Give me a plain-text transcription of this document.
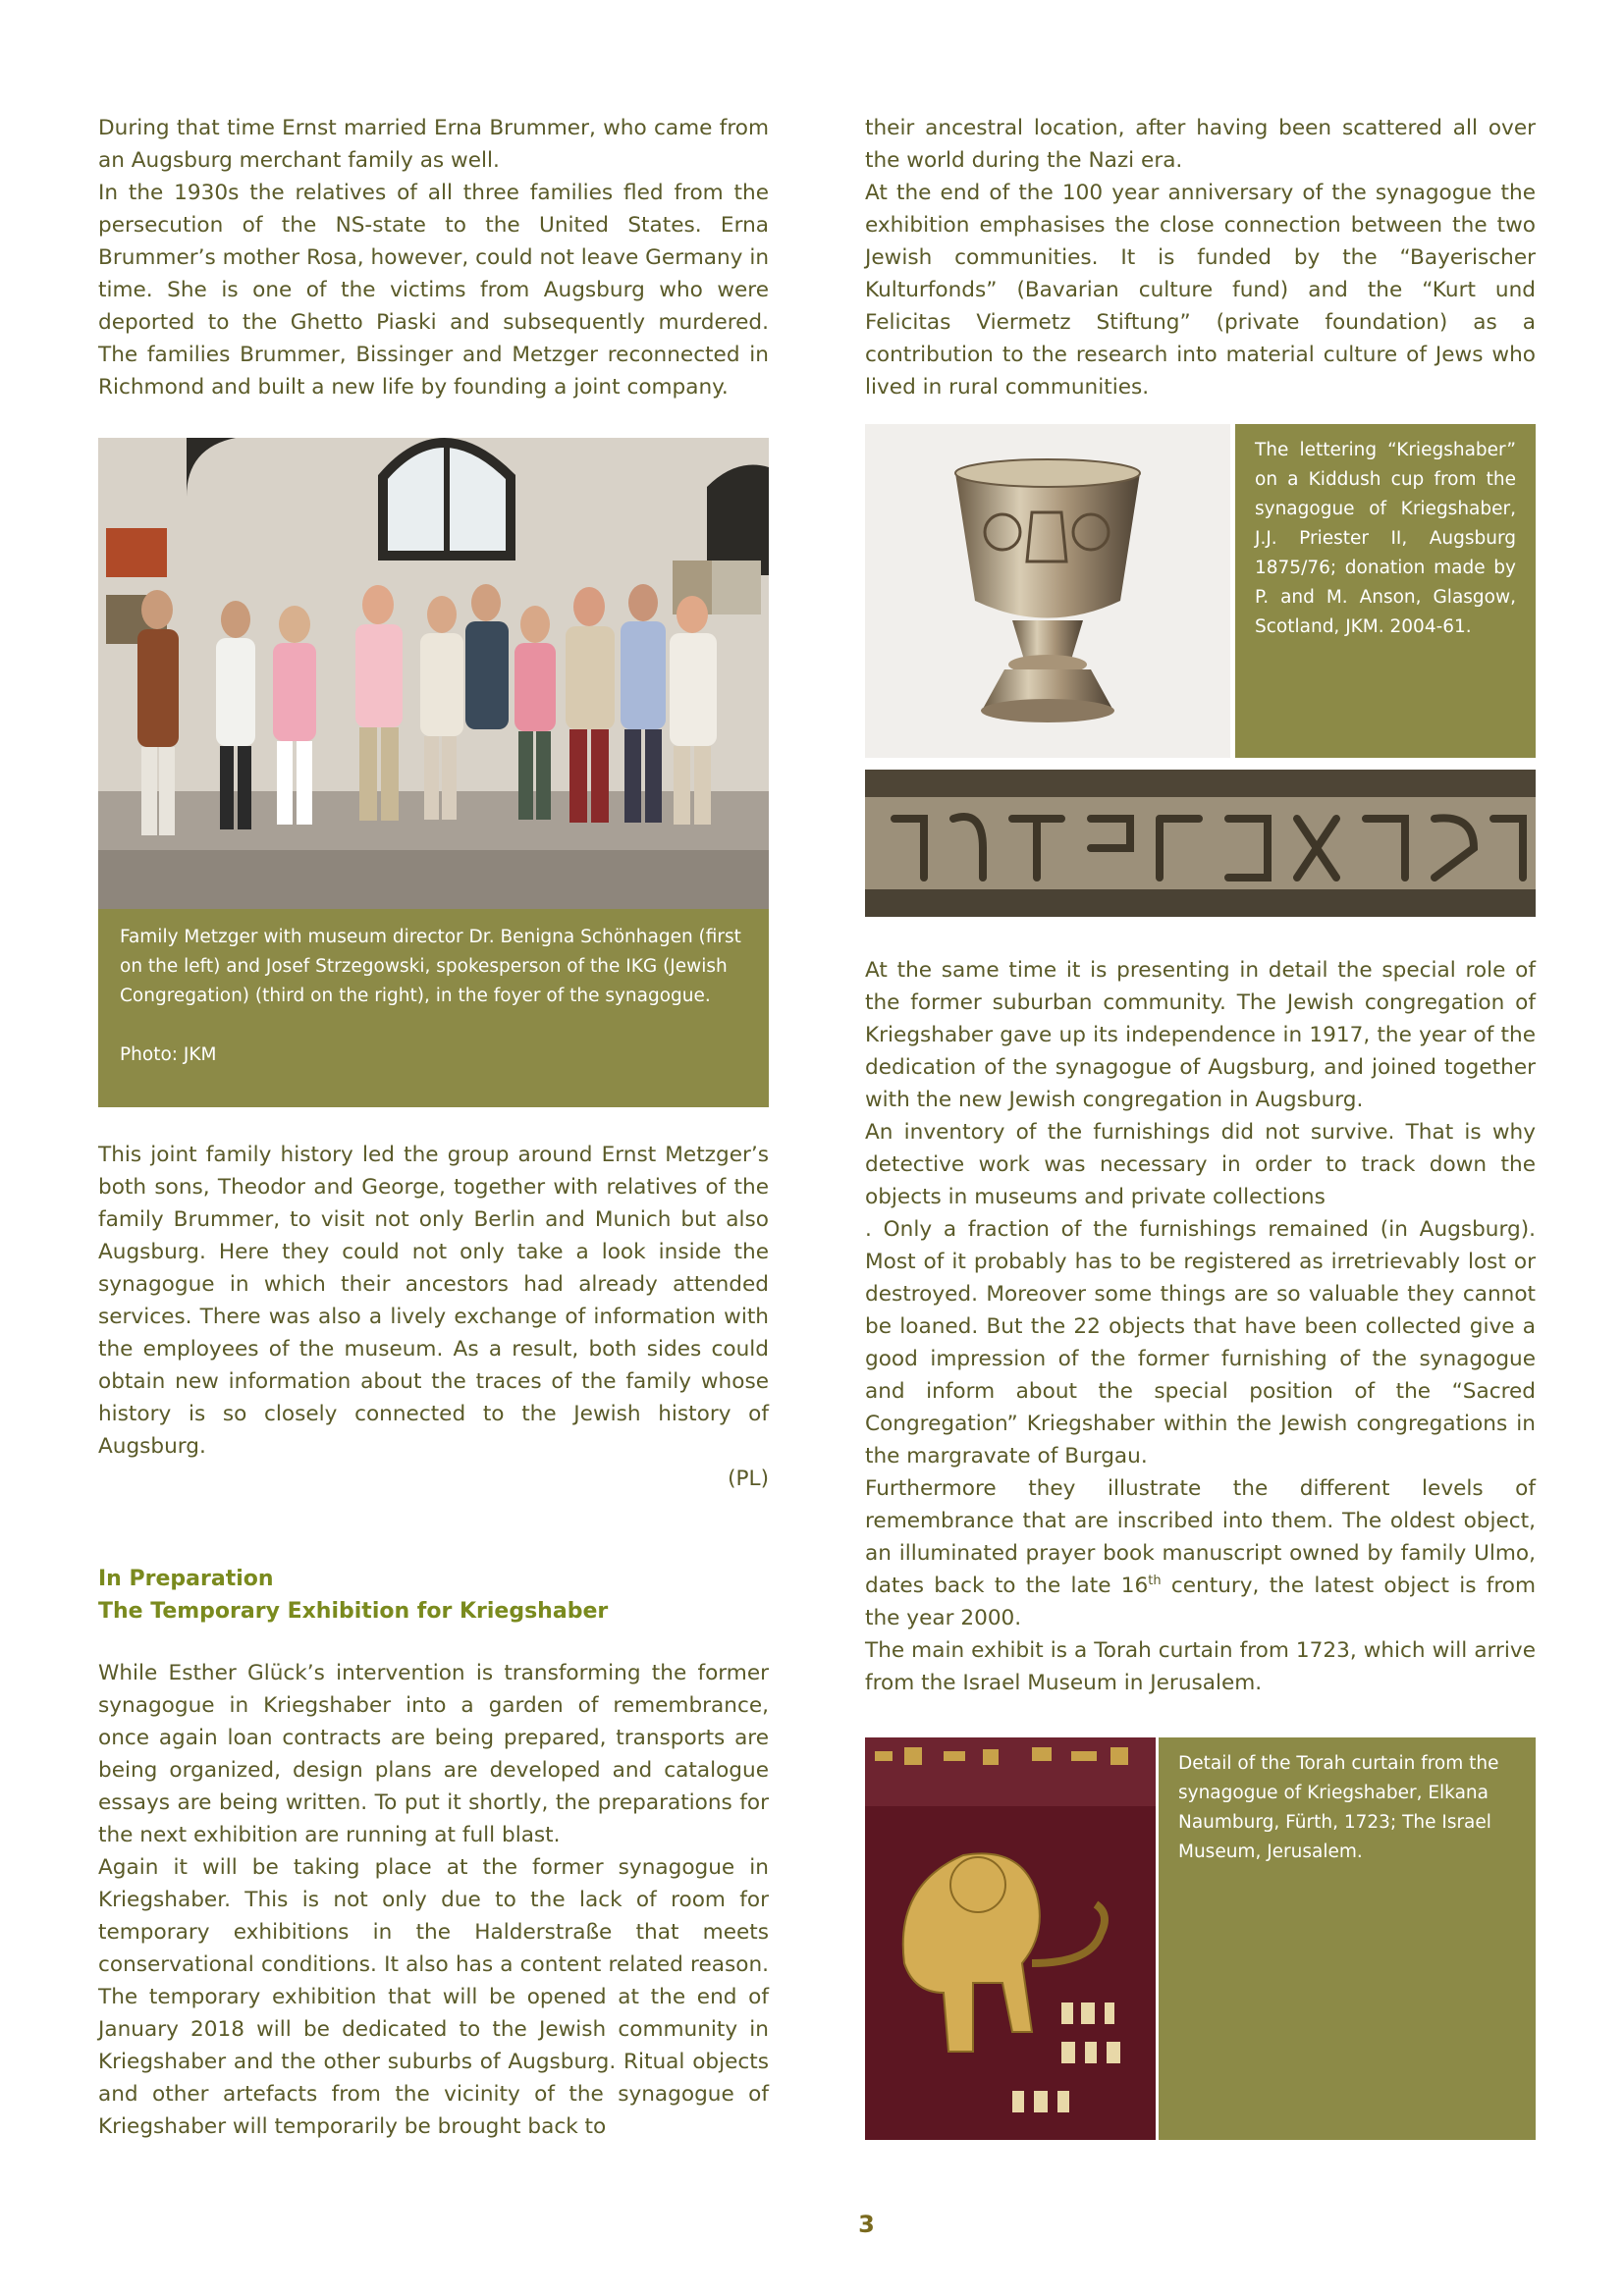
During that time Ernst married Erna Brummer, who came from an Augsburg merchant family as well.

In the 1930s the relatives of all three families fled from the persecution of the NS-state to the United States. Erna Brummer’s mother Rosa, however, could not leave Germany in time. She is one of the victims from Augsburg who were deported to the Ghetto Piaski and subsequently murdered. The families Brummer, Bissinger and Metzger reconnected in Richmond and built a new life by founding a joint company.

their ancestral location, after having been scattered all over the world during the Nazi era.

At the end of the 100 year anniversary of the synagogue the exhibition emphasises the close connection between the two Jewish communities. It is funded by the “Bayerischer Kulturfonds” (Bavarian culture fund) and the “Kurt und Felicitas Viermetz Stiftung” (private foundation) as a contribution to the research into material culture of Jews who lived in rural communities.

Family Metzger with museum director Dr. Benigna Schönhagen (first on the left) and Josef Strzegowski, spokesperson of the IKG (Jewish Congregation) (third on the right), in the foyer of the synagogue.

Photo: JKM

The lettering “Kriegshaber” on a Kiddush cup from the synagogue of Kriegshaber, J.J. Priester II, Augsburg 1875/76; donation made by P. and M. Anson, Glasgow, Scotland, JKM. 2004-61.

This joint family history led the group around Ernst Metzger’s both sons, Theodor and George, together with relatives of the family Brummer, to visit not only Berlin and Munich but also Augsburg. Here they could not only take a look inside the synagogue in which their ancestors had already attended services. There was also a lively exchange of information with the employees of the museum. As a result, both sides could obtain new information about the traces of the family whose history is so closely connected to the Jewish history of Augsburg.

(PL)

In Preparation
The Temporary Exhibition for Kriegshaber

While Esther Glück’s intervention is transforming the former synagogue in Kriegshaber into a garden of remembrance, once again loan contracts are being prepared, transports are being organized, design plans are developed and catalogue essays are being written. To put it shortly, the preparations for the next exhibition are running at full blast.

Again it will be taking place at the former synagogue in Kriegshaber. This is not only due to the lack of room for temporary exhibitions in the Halderstraße that meets conservational conditions. It also has a content related reason. The temporary exhibition that will be opened at the end of January 2018 will be dedicated to the Jewish community in Kriegshaber and the other suburbs of Augsburg. Ritual objects and other artefacts from the vicinity of the synagogue of Kriegshaber will temporarily be brought back to

At the same time it is presenting in detail the special role of the former suburban community. The Jewish congregation of Kriegshaber gave up its independence in 1917, the year of the dedication of the synagogue of Augsburg, and joined together with the new Jewish congregation in Augsburg.

An inventory of the furnishings did not survive. That is why detective work was necessary in order to track down the objects in museums and private collections

. Only a fraction of the furnishings remained (in Augsburg). Most of it probably has to be registered as irretrievably lost or destroyed. Moreover some things are so valuable they cannot be loaned. But the 22 objects that have been collected give a good impression of the former furnishing of the synagogue and inform about the special position of the “Sacred Congregation” Kriegshaber within the Jewish congregations in the margravate of Burgau.

Furthermore they illustrate the different levels of remembrance that are inscribed into them. The oldest object, an illuminated prayer book manuscript owned by family Ulmo, dates back to the late 16th century, the latest object is from the year 2000.

The main exhibit is a Torah curtain from 1723, which will arrive from the Israel Museum in Jerusalem.

Detail of the Torah curtain from the synagogue of Kriegshaber, Elkana Naumburg, Fürth, 1723; The Israel Museum, Jerusalem.

3
